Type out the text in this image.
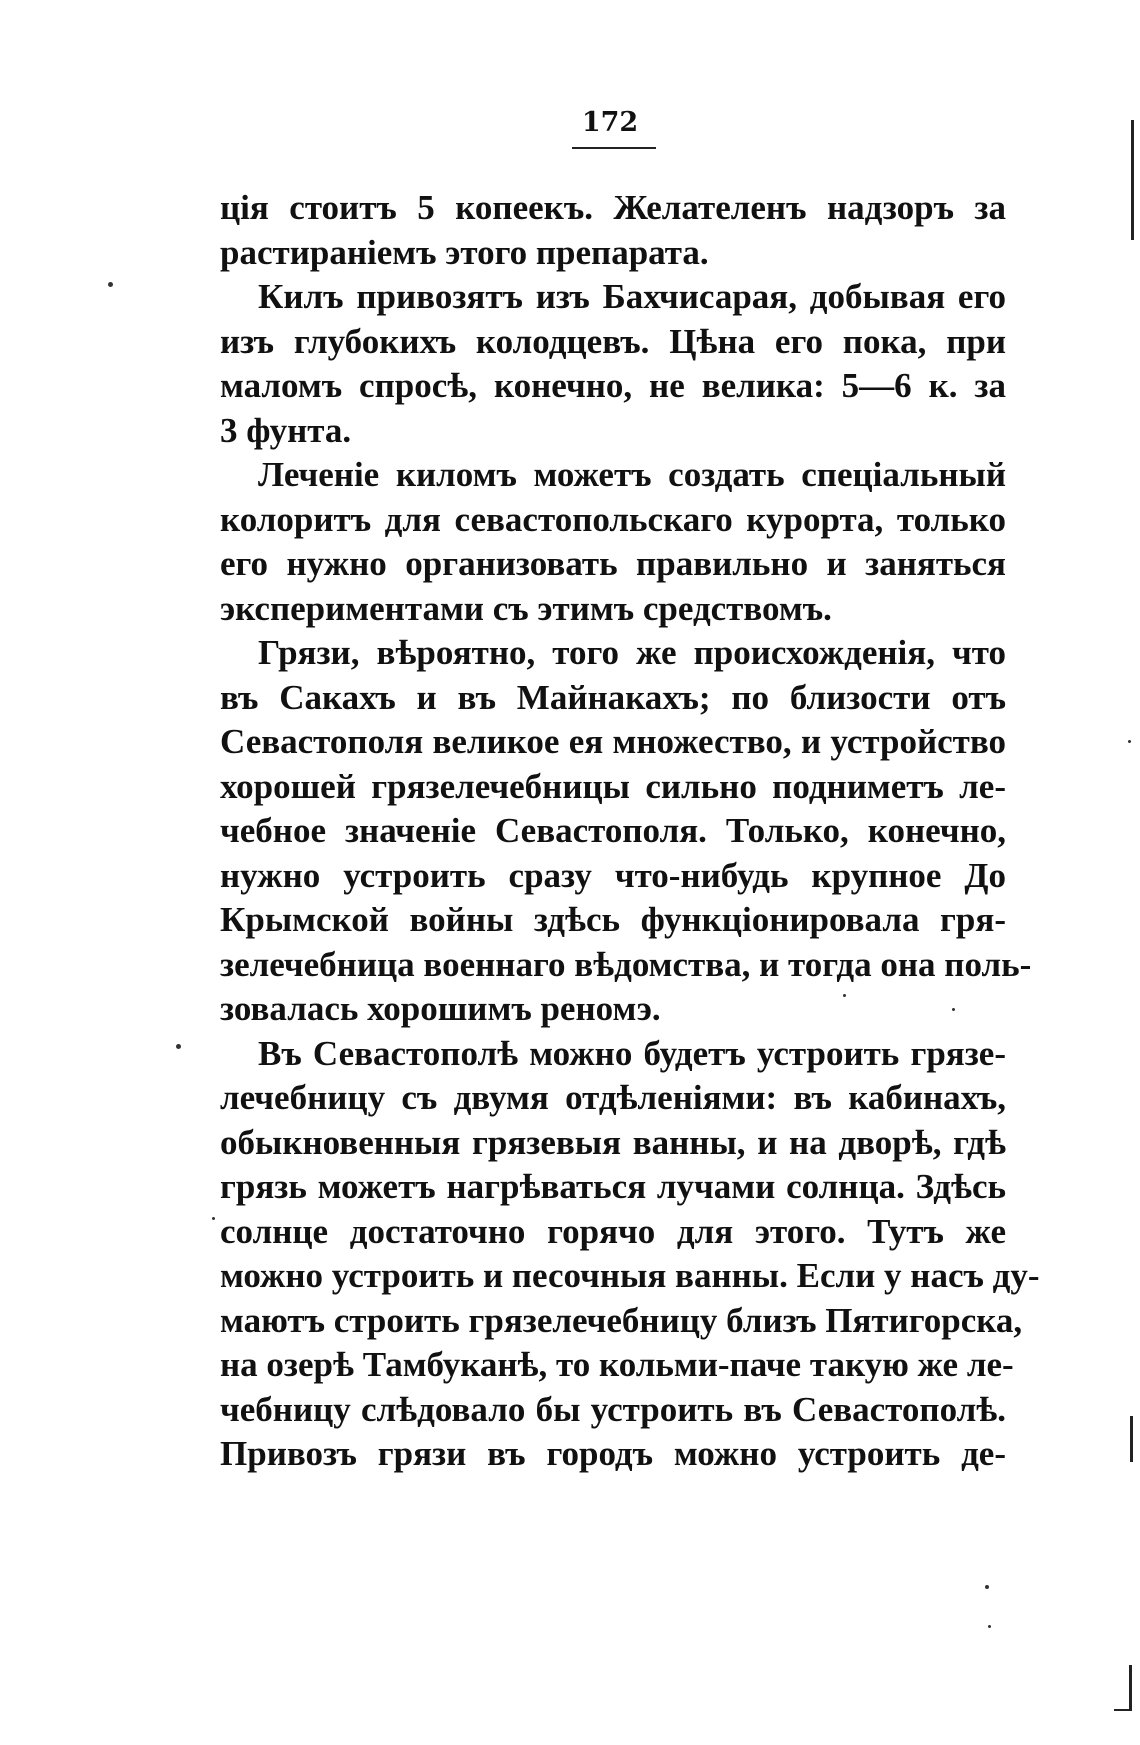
172
ція стоитъ 5 копеекъ. Желателенъ надзоръ за
растираніемъ этого препарата.
Килъ привозятъ изъ Бахчисарая, добывая его
изъ глубокихъ колодцевъ. Цѣна его пока, при
маломъ спросѣ, конечно, не велика: 5—6 к. за
3 фунта.
Леченіе киломъ можетъ создать спеціальный
колоритъ для севастопольскаго курорта, только
его нужно организовать правильно и заняться
экспериментами съ этимъ средствомъ.
Грязи, вѣроятно, того же происхожденія, что
въ Сакахъ и въ Майнакахъ; по близости отъ
Севастополя великое ея множество, и устройство
хорошей грязелечебницы сильно подниметъ ле-
чебное значеніе Севастополя. Только, конечно,
нужно устроить сразу что-нибудь крупное До
Крымской войны здѣсь функціонировала гря-
зелечебница военнаго вѣдомства, и тогда она поль-
зовалась хорошимъ реномэ.
Въ Севастополѣ можно будетъ устроить грязе-
лечебницу съ двумя отдѣленіями: въ кабинахъ,
обыкновенныя грязевыя ванны, и на дворѣ, гдѣ
грязь можетъ нагрѣваться лучами солнца. Здѣсь
солнце достаточно горячо для этого. Тутъ же
можно устроить и песочныя ванны. Если у насъ ду-
маютъ строить грязелечебницу близъ Пятигорска,
на озерѣ Тамбуканѣ, то кольми-паче такую же ле-
чебницу слѣдовало бы устроить въ Севастополѣ.
Привозъ грязи въ городъ можно устроить де-
